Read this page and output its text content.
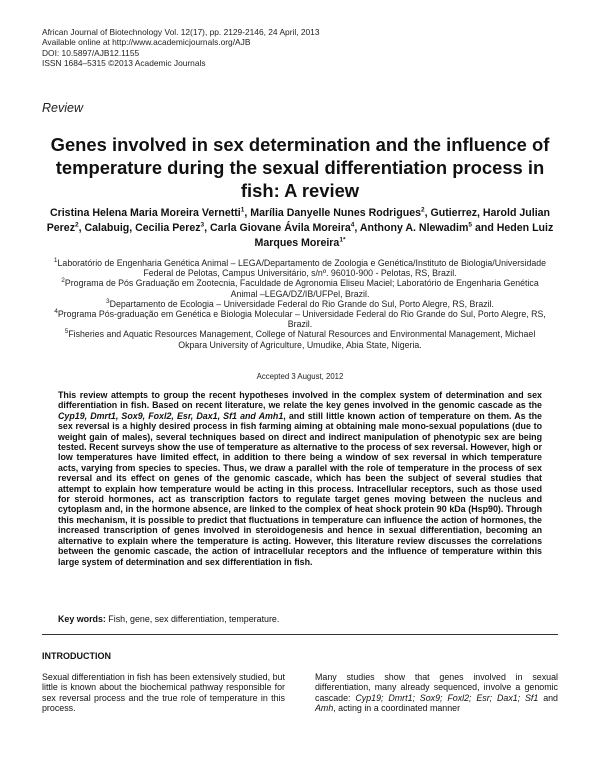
African Journal of Biotechnology Vol. 12(17), pp. 2129-2146, 24 April, 2013
Available online at http://www.academicjournals.org/AJB
DOI: 10.5897/AJB12.1155
ISSN 1684–5315 ©2013 Academic Journals
Review
Genes involved in sex determination and the influence of temperature during the sexual differentiation process in fish: A review
Cristina Helena Maria Moreira Vernetti$^1$, Marília Danyelle Nunes Rodrigues$^2$, Gutierrez, Harold Julian Perez$^2$, Calabuig, Cecilia Perez$^3$, Carla Giovane Ávila Moreira$^4$, Anthony A. Nlewadim$^5$ and Heden Luiz Marques Moreira$^{1*}$
$^1$Laboratório de Engenharia Genética Animal – LEGA/Departamento de Zoologia e Genética/Instituto de Biologia/Universidade Federal de Pelotas, Campus Universitário, s/nº. 96010-900 - Pelotas, RS, Brazil.
$^2$Programa de Pós Graduação em Zootecnia, Faculdade de Agronomia Eliseu Maciel; Laboratório de Engenharia Genética Animal –LEGA/DZ/IB/UFPel, Brazil.
$^3$Departamento de Ecologia – Universidade Federal do Rio Grande do Sul, Porto Alegre, RS, Brazil.
$^4$Programa Pós-graduação em Genética e Biologia Molecular – Universidade Federal do Rio Grande do Sul, Porto Alegre, RS, Brazil.
$^5$Fisheries and Aquatic Resources Management, College of Natural Resources and Environmental Management, Michael Okpara University of Agriculture, Umudike, Abia State, Nigeria.
Accepted 3 August, 2012
This review attempts to group the recent hypotheses involved in the complex system of determination and sex differentiation in fish. Based on recent literature, we relate the key genes involved in the genomic cascade as the Cyp19, Dmrt1, Sox9, Foxl2, Esr, Dax1, Sf1 and Amh1, and still little known action of temperature on them. As the sex reversal is a highly desired process in fish farming aiming at obtaining male mono-sexual populations (due to weight gain of males), several techniques based on direct and indirect manipulation of phenotypic sex are being tested. Recent surveys show the use of temperature as alternative to the process of sex reversal. However, high or low temperatures have limited effect, in addition to there being a window of sex reversal in which temperature acts, varying from species to species. Thus, we draw a parallel with the role of temperature in the process of sex reversal and its effect on genes of the genomic cascade, which has been the subject of several studies that attempt to explain how temperature would be acting in this process. Intracellular receptors, such as those used for steroid hormones, act as transcription factors to regulate target genes moving between the nucleus and cytoplasm and, in the hormone absence, are linked to the complex of heat shock protein 90 kDa (Hsp90). Through this mechanism, it is possible to predict that fluctuations in temperature can influence the action of hormones, the increased transcription of genes involved in steroidogenesis and hence in sexual differentiation, becoming an alternative to explain where the temperature is acting. However, this literature review discusses the correlations between the genomic cascade, the action of intracellular receptors and the influence of temperature within this large system of determination and sex differentiation in fish.
Key words: Fish, gene, sex differentiation, temperature.
INTRODUCTION
Sexual differentiation in fish has been extensively studied, but little is known about the biochemical pathway responsible for sex reversal process and the true role of temperature in this process.
Many studies show that genes involved in sexual differentiation, many already sequenced, involve a genomic cascade: Cyp19; Dmrt1; Sox9; Foxl2; Esr; Dax1; Sf1 and Amh, acting in a coordinated manner
